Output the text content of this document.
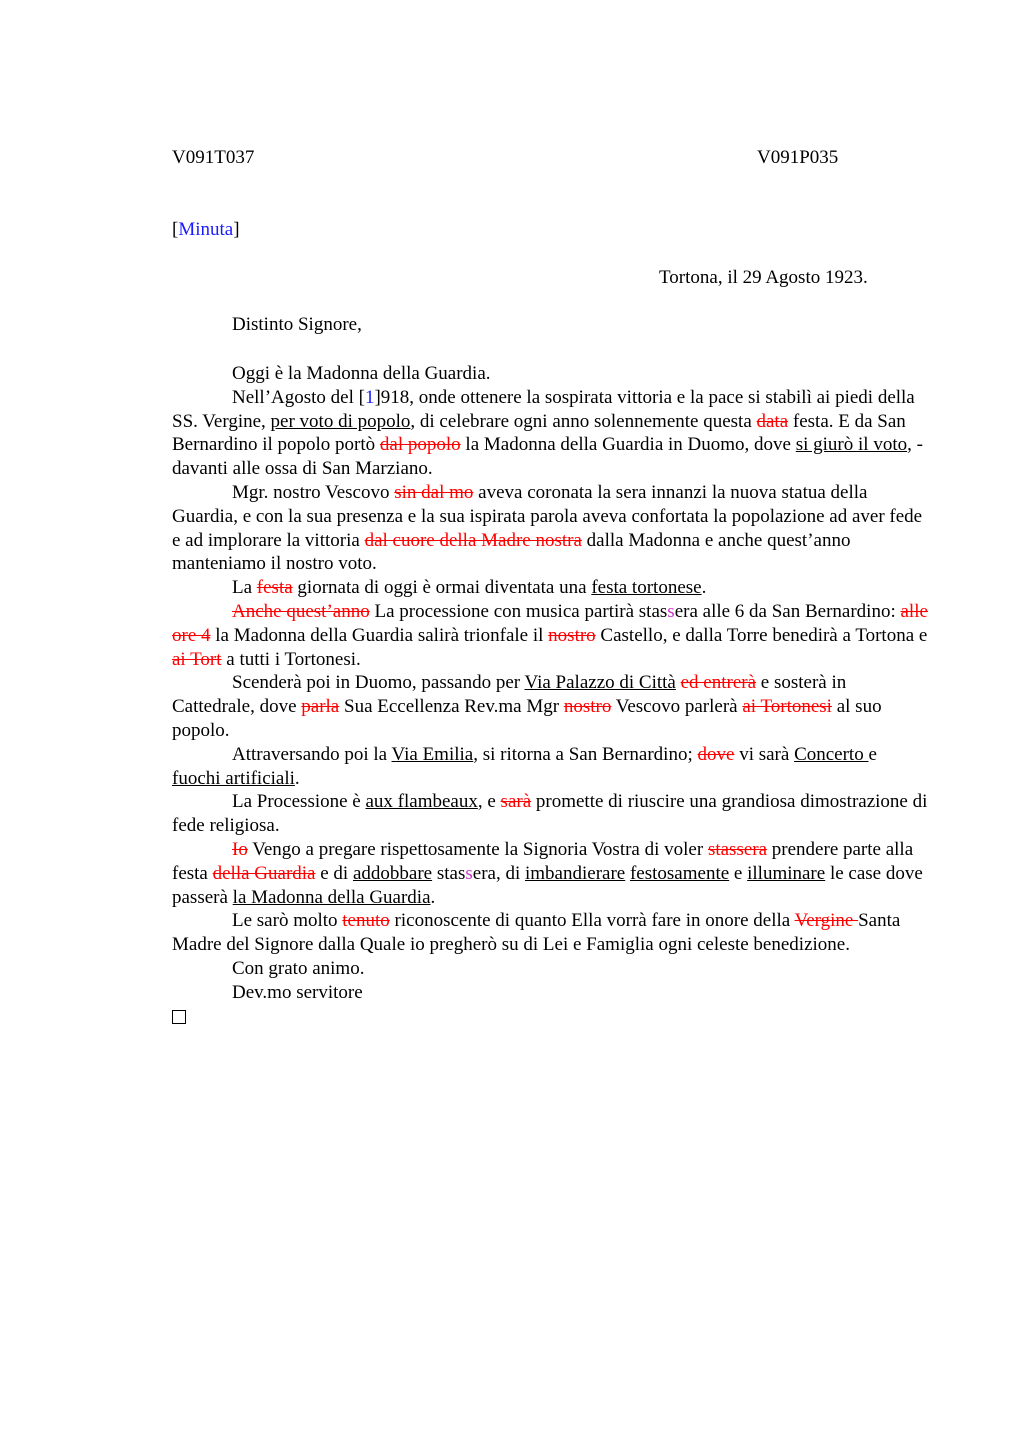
V091T037	V091P035
[Minuta]
Tortona, il 29 Agosto 1923.
Distinto Signore,

Oggi è la Madonna della Guardia.

Nell’Agosto del [1]918, onde ottenere la sospirata vittoria e la pace si stabilì ai piedi della SS. Vergine, per voto di popolo, di celebrare ogni anno solennemente questa data festa. E da San Bernardino il popolo portò dal popolo la Madonna della Guardia in Duomo, dove si giurò il voto, - davanti alle ossa di San Marziano.

Mgr. nostro Vescovo sin dal mo aveva coronata la sera innanzi la nuova statua della Guardia, e con la sua presenza e la sua ispirata parola aveva confortata la popolazione ad aver fede e ad implorare la vittoria dal cuore della Madre nostra dalla Madonna e anche quest’anno manteniamo il nostro voto.

La festa giornata di oggi è ormai diventata una festa tortonese.

Anche quest’anno La processione con musica partirà stassera alle 6 da San Bernardino: alle ore 4 la Madonna della Guardia salirà trionfale il nostro Castello, e dalla Torre benedirà a Tortona e ai Tort a tutti i Tortonesi.

Scenderà poi in Duomo, passando per Via Palazzo di Città ed entrerà e sosterà in Cattedrale, dove parla Sua Eccellenza Rev.ma Mgr nostro Vescovo parlerà ai Tortonesi al suo popolo.

Attraversando poi la Via Emilia, si ritorna a San Bernardino; dove vi sarà Concerto e fuochi artificiali.

La Processione è aux flambeaux, e sarà promette di riuscire una grandiosa dimostrazione di fede religiosa.

Io Vengo a pregare rispettosamente la Signoria Vostra di voler stassera prendere parte alla festa della Guardia e di addobbare stassera, di imbandierare festosamente e illuminare le case dove passerà la Madonna della Guardia.

Le sarò molto tenuto riconoscente di quanto Ella vorrà fare in onore della Vergine Santa Madre del Signore dalla Quale io pregherò su di Lei e Famiglia ogni celeste benedizione.

Con grato animo.

Dev.mo servitore
